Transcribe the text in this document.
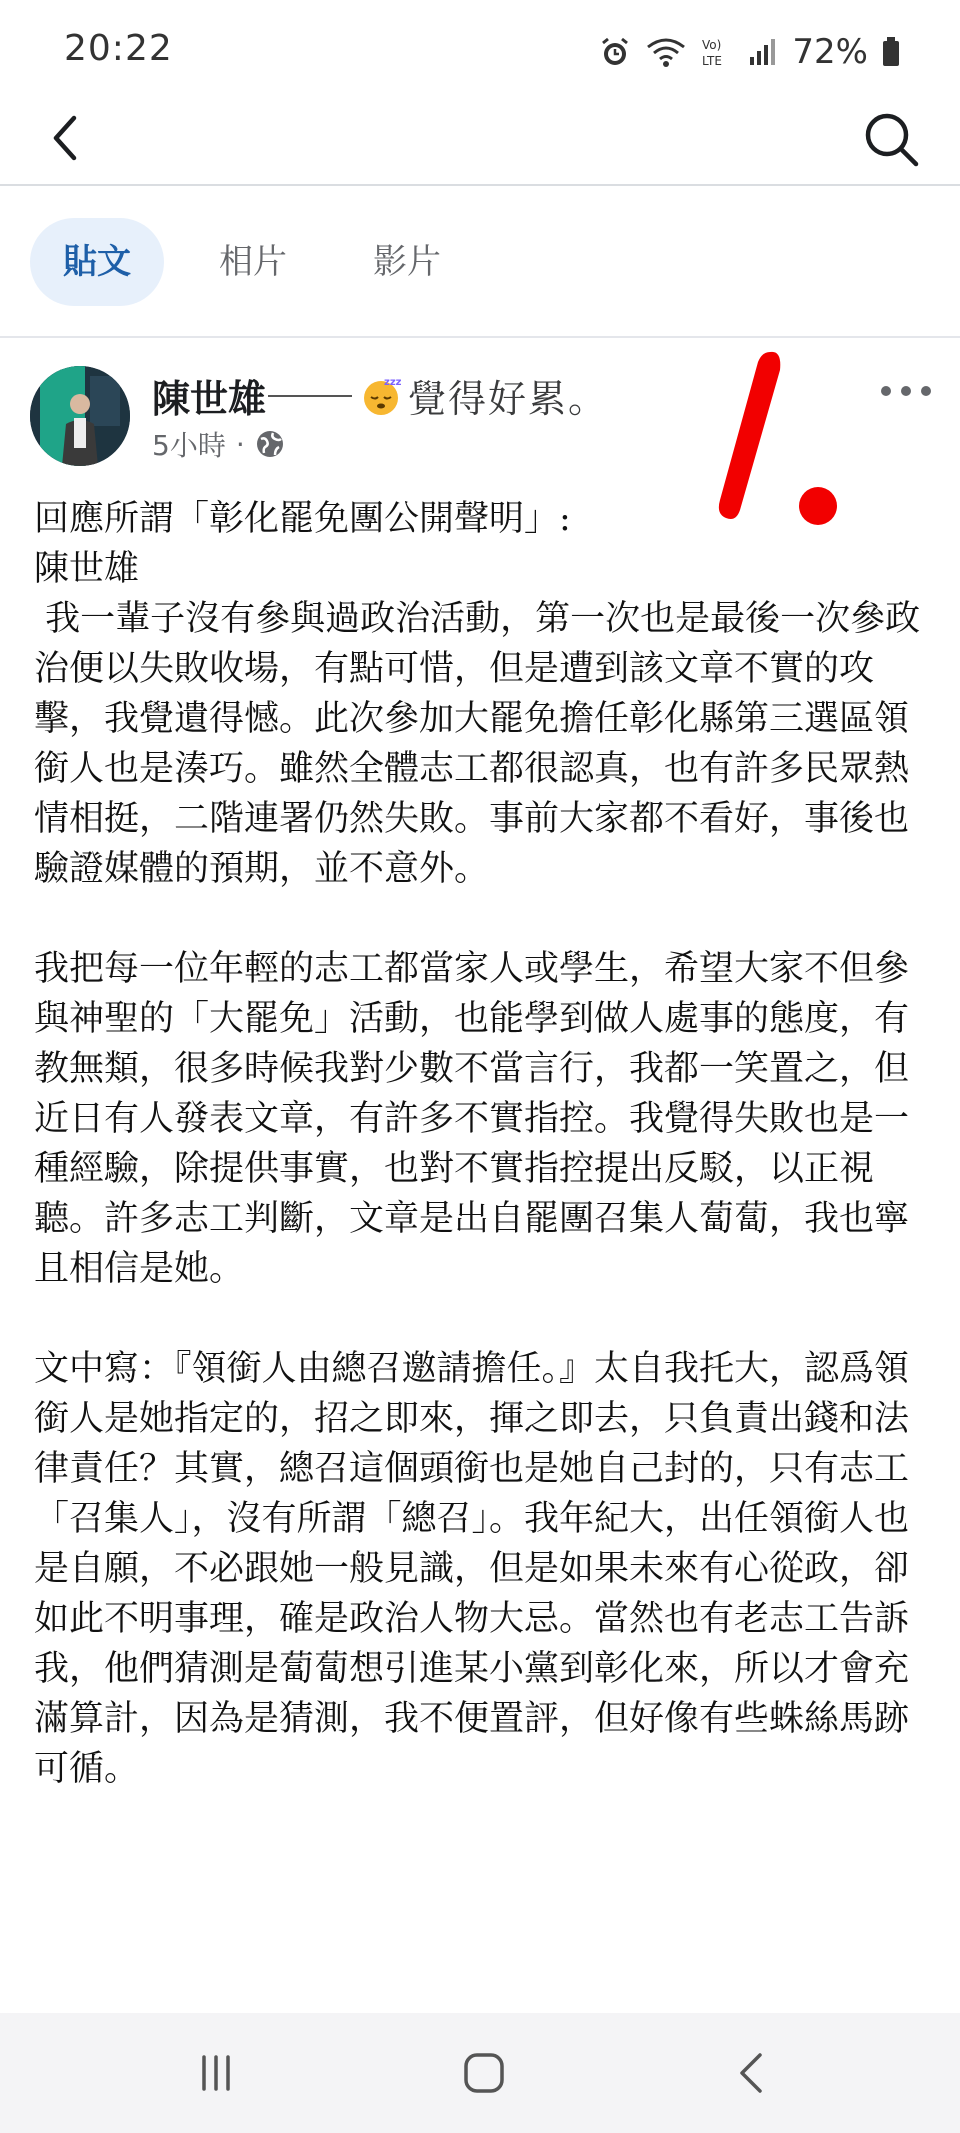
20:22	Vo)
LTE 72%
貼文	相片	影片
陳世雄	zzz 覺得好累。
5小時 ·

回應所謂「彰化罷免團公開聲明」:
陳世雄
我一輩子沒有參與過政治活動，第一次也是最後一次參政治便以失敗收場，有點可惜，但是遭到該文章不實的攻擊，我覺遺得憾。此次參加大罷免擔任彰化縣第三選區領銜人也是湊巧。雖然全體志工都很認真，也有許多民眾熱情相挺，二階連署仍然失敗。事前大家都不看好，事後也驗證媒體的預期，並不意外。

我把每一位年輕的志工都當家人或學生，希望大家不但參與神聖的「大罷免」活動，也能學到做人處事的態度，有教無類，很多時候我對少數不當言行，我都一笑置之，但近日有人發表文章，有許多不實指控。我覺得失敗也是一種經驗，除提供事實，也對不實指控提出反駁，以正視聽。許多志工判斷，文章是出自罷團召集人蔔蔔，我也寧且相信是她。

文中寫：『領銜人由總召邀請擔任。』太自我托大，認爲領銜人是她指定的，招之即來，揮之即去，只負責出錢和法律責任？其實，總召這個頭銜也是她自己封的，只有志工「召集人」，沒有所謂「總召」。我年紀大，出任領銜人也是自願，不必跟她一般見識，但是如果未來有心從政，卻如此不明事理，確是政治人物大忌。當然也有老志工告訴我，他們猜測是蔔蔔想引進某小黨到彰化來，所以才會充滿算計，因為是猜測，我不便置評，但好像有些蛛絲馬跡可循。
